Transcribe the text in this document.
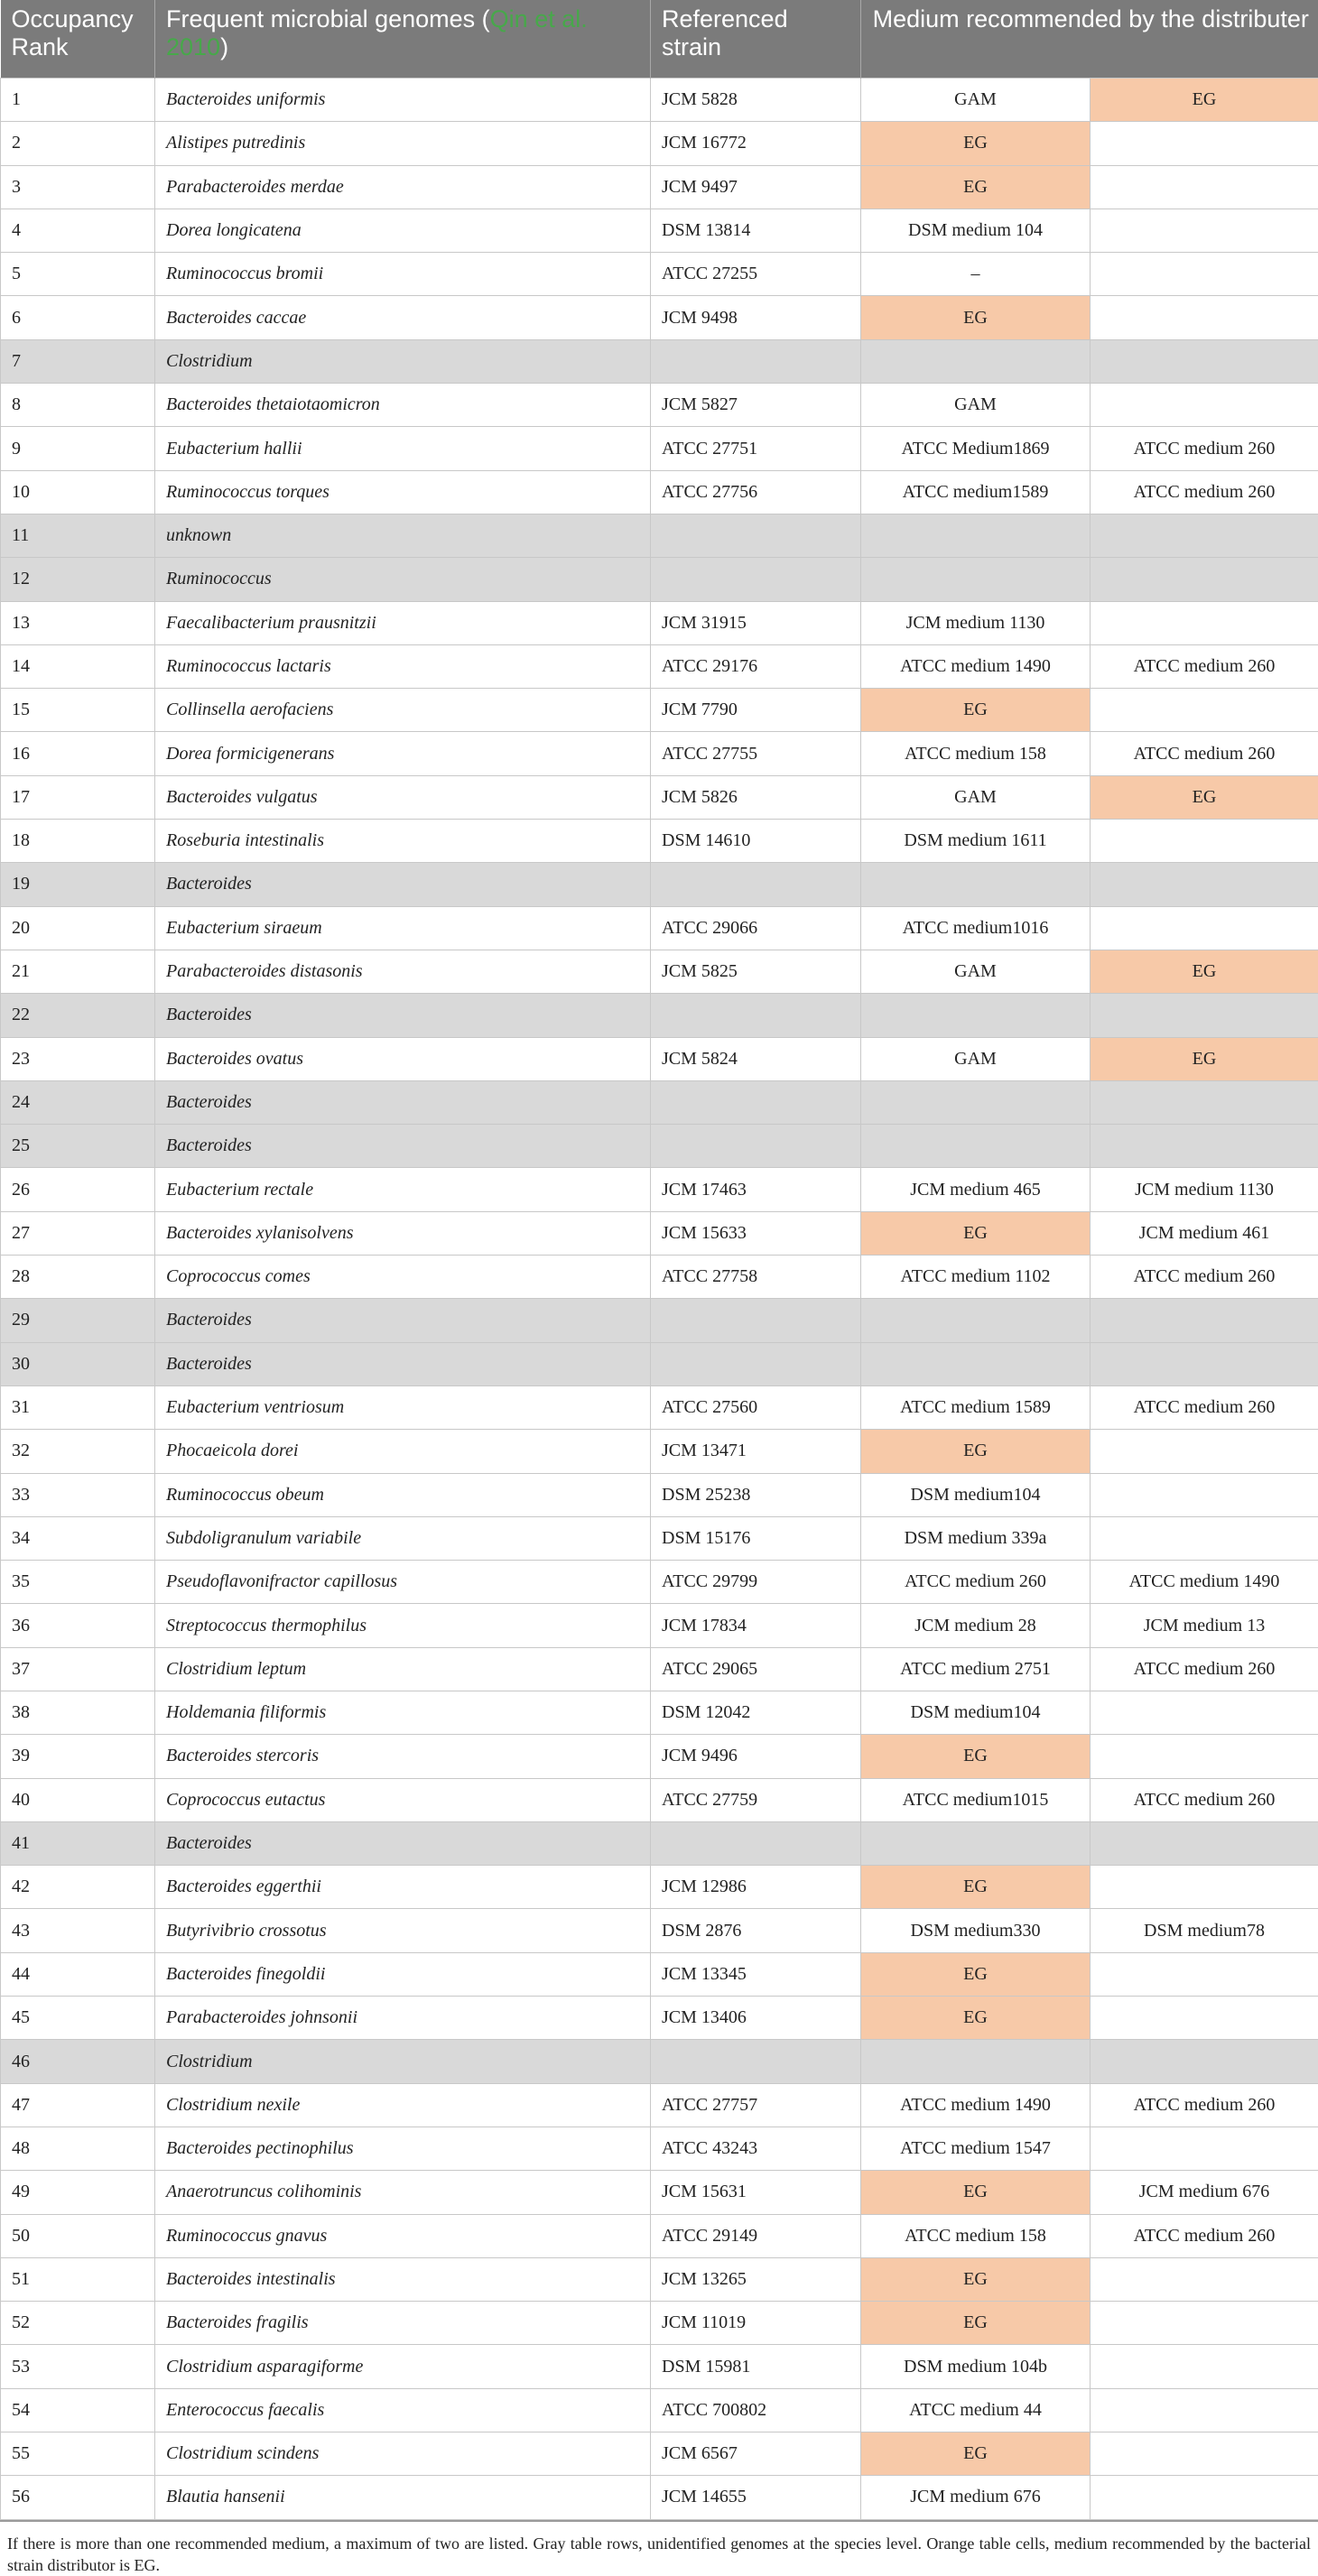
Occupancy Rank	Frequent microbial genomes (Qin et al. 2010)	Referenced strain	Medium recommended by the distributer	
1	Bacteroides uniformis	JCM 5828	GAM	EG
2	Alistipes putredinis	JCM 16772	EG	
3	Parabacteroides merdae	JCM 9497	EG	
4	Dorea longicatena	DSM 13814	DSM medium 104	
5	Ruminococcus bromii	ATCC 27255	–	
6	Bacteroides caccae	JCM 9498	EG	
7	Clostridium			
8	Bacteroides thetaiotaomicron	JCM 5827	GAM	
9	Eubacterium hallii	ATCC 27751	ATCC Medium1869	ATCC medium 260
10	Ruminococcus torques	ATCC 27756	ATCC medium1589	ATCC medium 260
11	unknown			
12	Ruminococcus			
13	Faecalibacterium prausnitzii	JCM 31915	JCM medium 1130	
14	Ruminococcus lactaris	ATCC 29176	ATCC medium 1490	ATCC medium 260
15	Collinsella aerofaciens	JCM 7790	EG	
16	Dorea formicigenerans	ATCC 27755	ATCC medium 158	ATCC medium 260
17	Bacteroides vulgatus	JCM 5826	GAM	EG
18	Roseburia intestinalis	DSM 14610	DSM medium 1611	
19	Bacteroides			
20	Eubacterium siraeum	ATCC 29066	ATCC medium1016	
21	Parabacteroides distasonis	JCM 5825	GAM	EG
22	Bacteroides			
23	Bacteroides ovatus	JCM 5824	GAM	EG
24	Bacteroides			
25	Bacteroides			
26	Eubacterium rectale	JCM 17463	JCM medium 465	JCM medium 1130
27	Bacteroides xylanisolvens	JCM 15633	EG	JCM medium 461
28	Coprococcus comes	ATCC 27758	ATCC medium 1102	ATCC medium 260
29	Bacteroides			
30	Bacteroides			
31	Eubacterium ventriosum	ATCC 27560	ATCC medium 1589	ATCC medium 260
32	Phocaeicola dorei	JCM 13471	EG	
33	Ruminococcus obeum	DSM 25238	DSM medium104	
34	Subdoligranulum variabile	DSM 15176	DSM medium 339a	
35	Pseudoflavonifractor capillosus	ATCC 29799	ATCC medium 260	ATCC medium 1490
36	Streptococcus thermophilus	JCM 17834	JCM medium 28	JCM medium 13
37	Clostridium leptum	ATCC 29065	ATCC medium 2751	ATCC medium 260
38	Holdemania filiformis	DSM 12042	DSM medium104	
39	Bacteroides stercoris	JCM 9496	EG	
40	Coprococcus eutactus	ATCC 27759	ATCC medium1015	ATCC medium 260
41	Bacteroides			
42	Bacteroides eggerthii	JCM 12986	EG	
43	Butyrivibrio crossotus	DSM 2876	DSM medium330	DSM medium78
44	Bacteroides finegoldii	JCM 13345	EG	
45	Parabacteroides johnsonii	JCM 13406	EG	
46	Clostridium			
47	Clostridium nexile	ATCC 27757	ATCC medium 1490	ATCC medium 260
48	Bacteroides pectinophilus	ATCC 43243	ATCC medium 1547	
49	Anaerotruncus colihominis	JCM 15631	EG	JCM medium 676
50	Ruminococcus gnavus	ATCC 29149	ATCC medium 158	ATCC medium 260
51	Bacteroides intestinalis	JCM 13265	EG	
52	Bacteroides fragilis	JCM 11019	EG	
53	Clostridium asparagiforme	DSM 15981	DSM medium 104b	
54	Enterococcus faecalis	ATCC 700802	ATCC medium 44	
55	Clostridium scindens	JCM 6567	EG	
56	Blautia hansenii	JCM 14655	JCM medium 676	
If there is more than one recommended medium, a maximum of two are listed. Gray table rows, unidentified genomes at the species level. Orange table cells, medium recommended by the bacterial strain distributor is EG.
